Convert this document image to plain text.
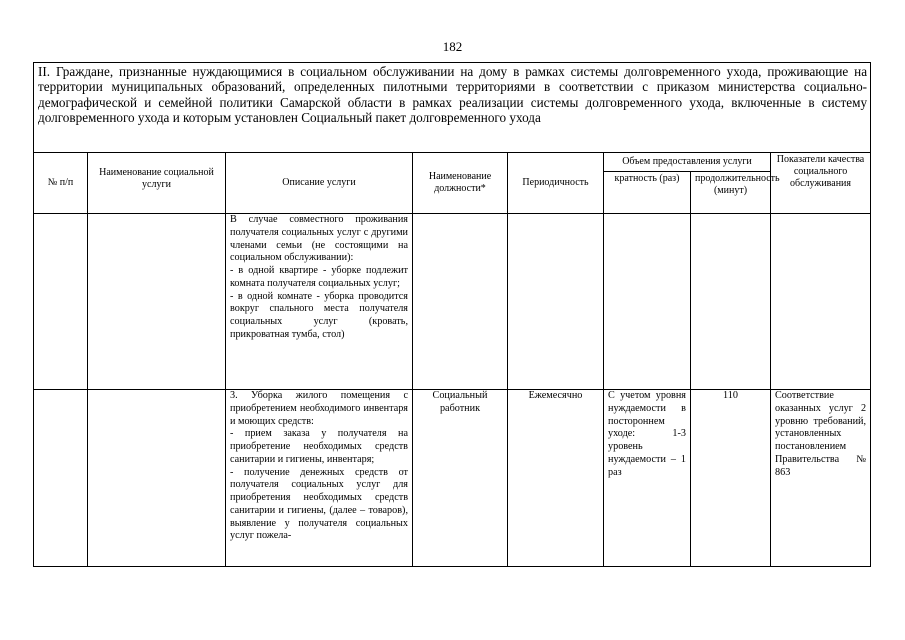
182
II. Граждане, признанные нуждающимися в социальном обслуживании на дому в рамках системы долговременного ухода, проживающие на территории муниципальных образований, определенных пилотными территориями в соответствии с приказом министерства социально-демографической и семейной политики Самарской области в рамках реализации системы долговременного ухода, включенные в систему долговременного ухода и которым установлен Социальный пакет долговременного ухода							
№ п/п	Наименование социальной услуги	Описание услуги	Наименование должности*	Периодичность	Объем предоставления услуги		Показатели качества социального обслуживания
					кратность (раз)	продолжительность (минут)	

		В случае совместного проживания получателя социальных услуг с другими членами семьи (не состоящими на социальном обслуживании):
- в одной квартире - уборке подлежит комната получателя социальных услуг;
- в одной комнате - уборка проводится вокруг спального места получателя социальных услуг (кровать, прикроватная тумба, стол)					

		3. Уборка жилого помещения с приобретением необходимого инвентаря и моющих средств:
- прием заказа у получателя на приобретение необходимых средств санитарии и гигиены, инвентаря;
- получение денежных средств от получателя социальных услуг для приобретения необходимых средств санитарии и гигиены, (далее – товаров), выявление у получателя социальных услуг пожела-	Социальный работник	Ежемесячно	С учетом уровня нуждаемости в постороннем уходе: 1-3 уровень нуждаемости – 1 раз	110	Соответствие оказанных услуг 2 уровню требований, установленных постановлением Правительства № 863
